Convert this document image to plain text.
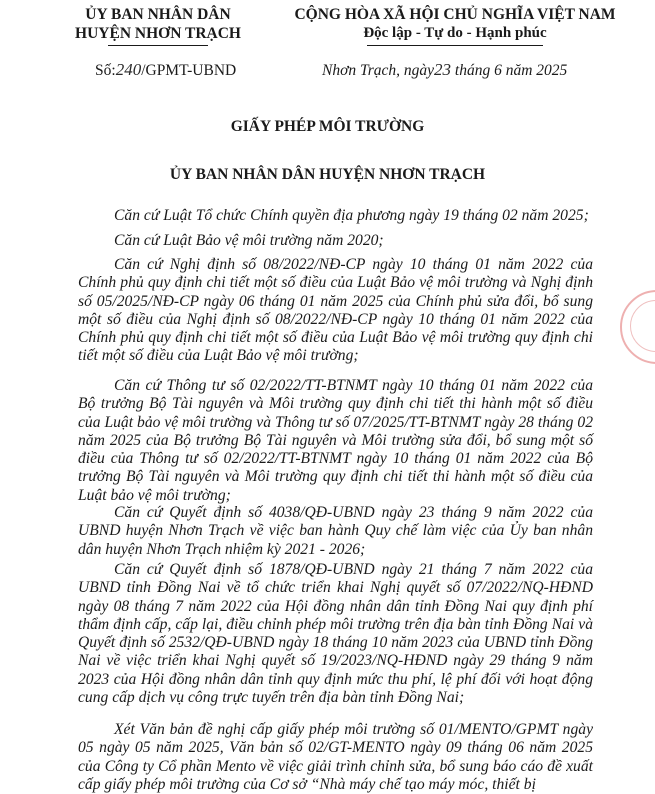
ỦY BAN NHÂN DÂN
HUYỆN NHƠN TRẠCH
CỘNG HÒA XÃ HỘI CHỦ NGHĨA VIỆT NAM
Độc lập - Tự do - Hạnh phúc
Số:240/GPMT-UBND	Nhơn Trạch, ngày23 tháng 6 năm 2025
GIẤY PHÉP MÔI TRƯỜNG
ỦY BAN NHÂN DÂN HUYỆN NHƠN TRẠCH
Căn cứ Luật Tổ chức Chính quyền địa phương ngày 19 tháng 02 năm 2025;
Căn cứ Luật Bảo vệ môi trường năm 2020;
Căn cứ Nghị định số 08/2022/NĐ-CP ngày 10 tháng 01 năm 2022 của Chính phủ quy định chi tiết một số điều của Luật Bảo vệ môi trường và Nghị định số 05/2025/NĐ-CP ngày 06 tháng 01 năm 2025 của Chính phủ sửa đổi, bổ sung một số điều của Nghị định số 08/2022/NĐ-CP ngày 10 tháng 01 năm 2022 của Chính phủ quy định chi tiết một số điều của Luật Bảo vệ môi trường quy định chi tiết một số điều của Luật Bảo vệ môi trường;
Căn cứ Thông tư số 02/2022/TT-BTNMT ngày 10 tháng 01 năm 2022 của Bộ trưởng Bộ Tài nguyên và Môi trường quy định chi tiết thi hành một số điều của Luật bảo vệ môi trường và Thông tư số 07/2025/TT-BTNMT ngày 28 tháng 02 năm 2025 của Bộ trưởng Bộ Tài nguyên và Môi trường sửa đổi, bổ sung một số điều của Thông tư số 02/2022/TT-BTNMT ngày 10 tháng 01 năm 2022 của Bộ trưởng Bộ Tài nguyên và Môi trường quy định chi tiết thi hành một số điều của Luật bảo vệ môi trường;
Căn cứ Quyết định số 4038/QĐ-UBND ngày 23 tháng 9 năm 2022 của UBND huyện Nhơn Trạch về việc ban hành Quy chế làm việc của Ủy ban nhân dân huyện Nhơn Trạch nhiệm kỳ 2021 - 2026;
Căn cứ Quyết định số 1878/QĐ-UBND ngày 21 tháng 7 năm 2022 của UBND tỉnh Đồng Nai về tổ chức triển khai Nghị quyết số 07/2022/NQ-HĐND ngày 08 tháng 7 năm 2022 của Hội đồng nhân dân tỉnh Đồng Nai quy định phí thẩm định cấp, cấp lại, điều chỉnh phép môi trường trên địa bàn tỉnh Đồng Nai và Quyết định số 2532/QĐ-UBND ngày 18 tháng 10 năm 2023 của UBND tỉnh Đồng Nai về việc triển khai Nghị quyết số 19/2023/NQ-HĐND ngày 29 tháng 9 năm 2023 của Hội đồng nhân dân tỉnh quy định mức thu phí, lệ phí đối với hoạt động cung cấp dịch vụ công trực tuyến trên địa bàn tỉnh Đồng Nai;
Xét Văn bản đề nghị cấp giấy phép môi trường số 01/MENTO/GPMT ngày 05 ngày 05 năm 2025, Văn bản số 02/GT-MENTO ngày 09 tháng 06 năm 2025 của Công ty Cổ phần Mento về việc giải trình chỉnh sửa, bổ sung báo cáo đề xuất cấp giấy phép môi trường của Cơ sở “Nhà máy chế tạo máy móc, thiết bị
